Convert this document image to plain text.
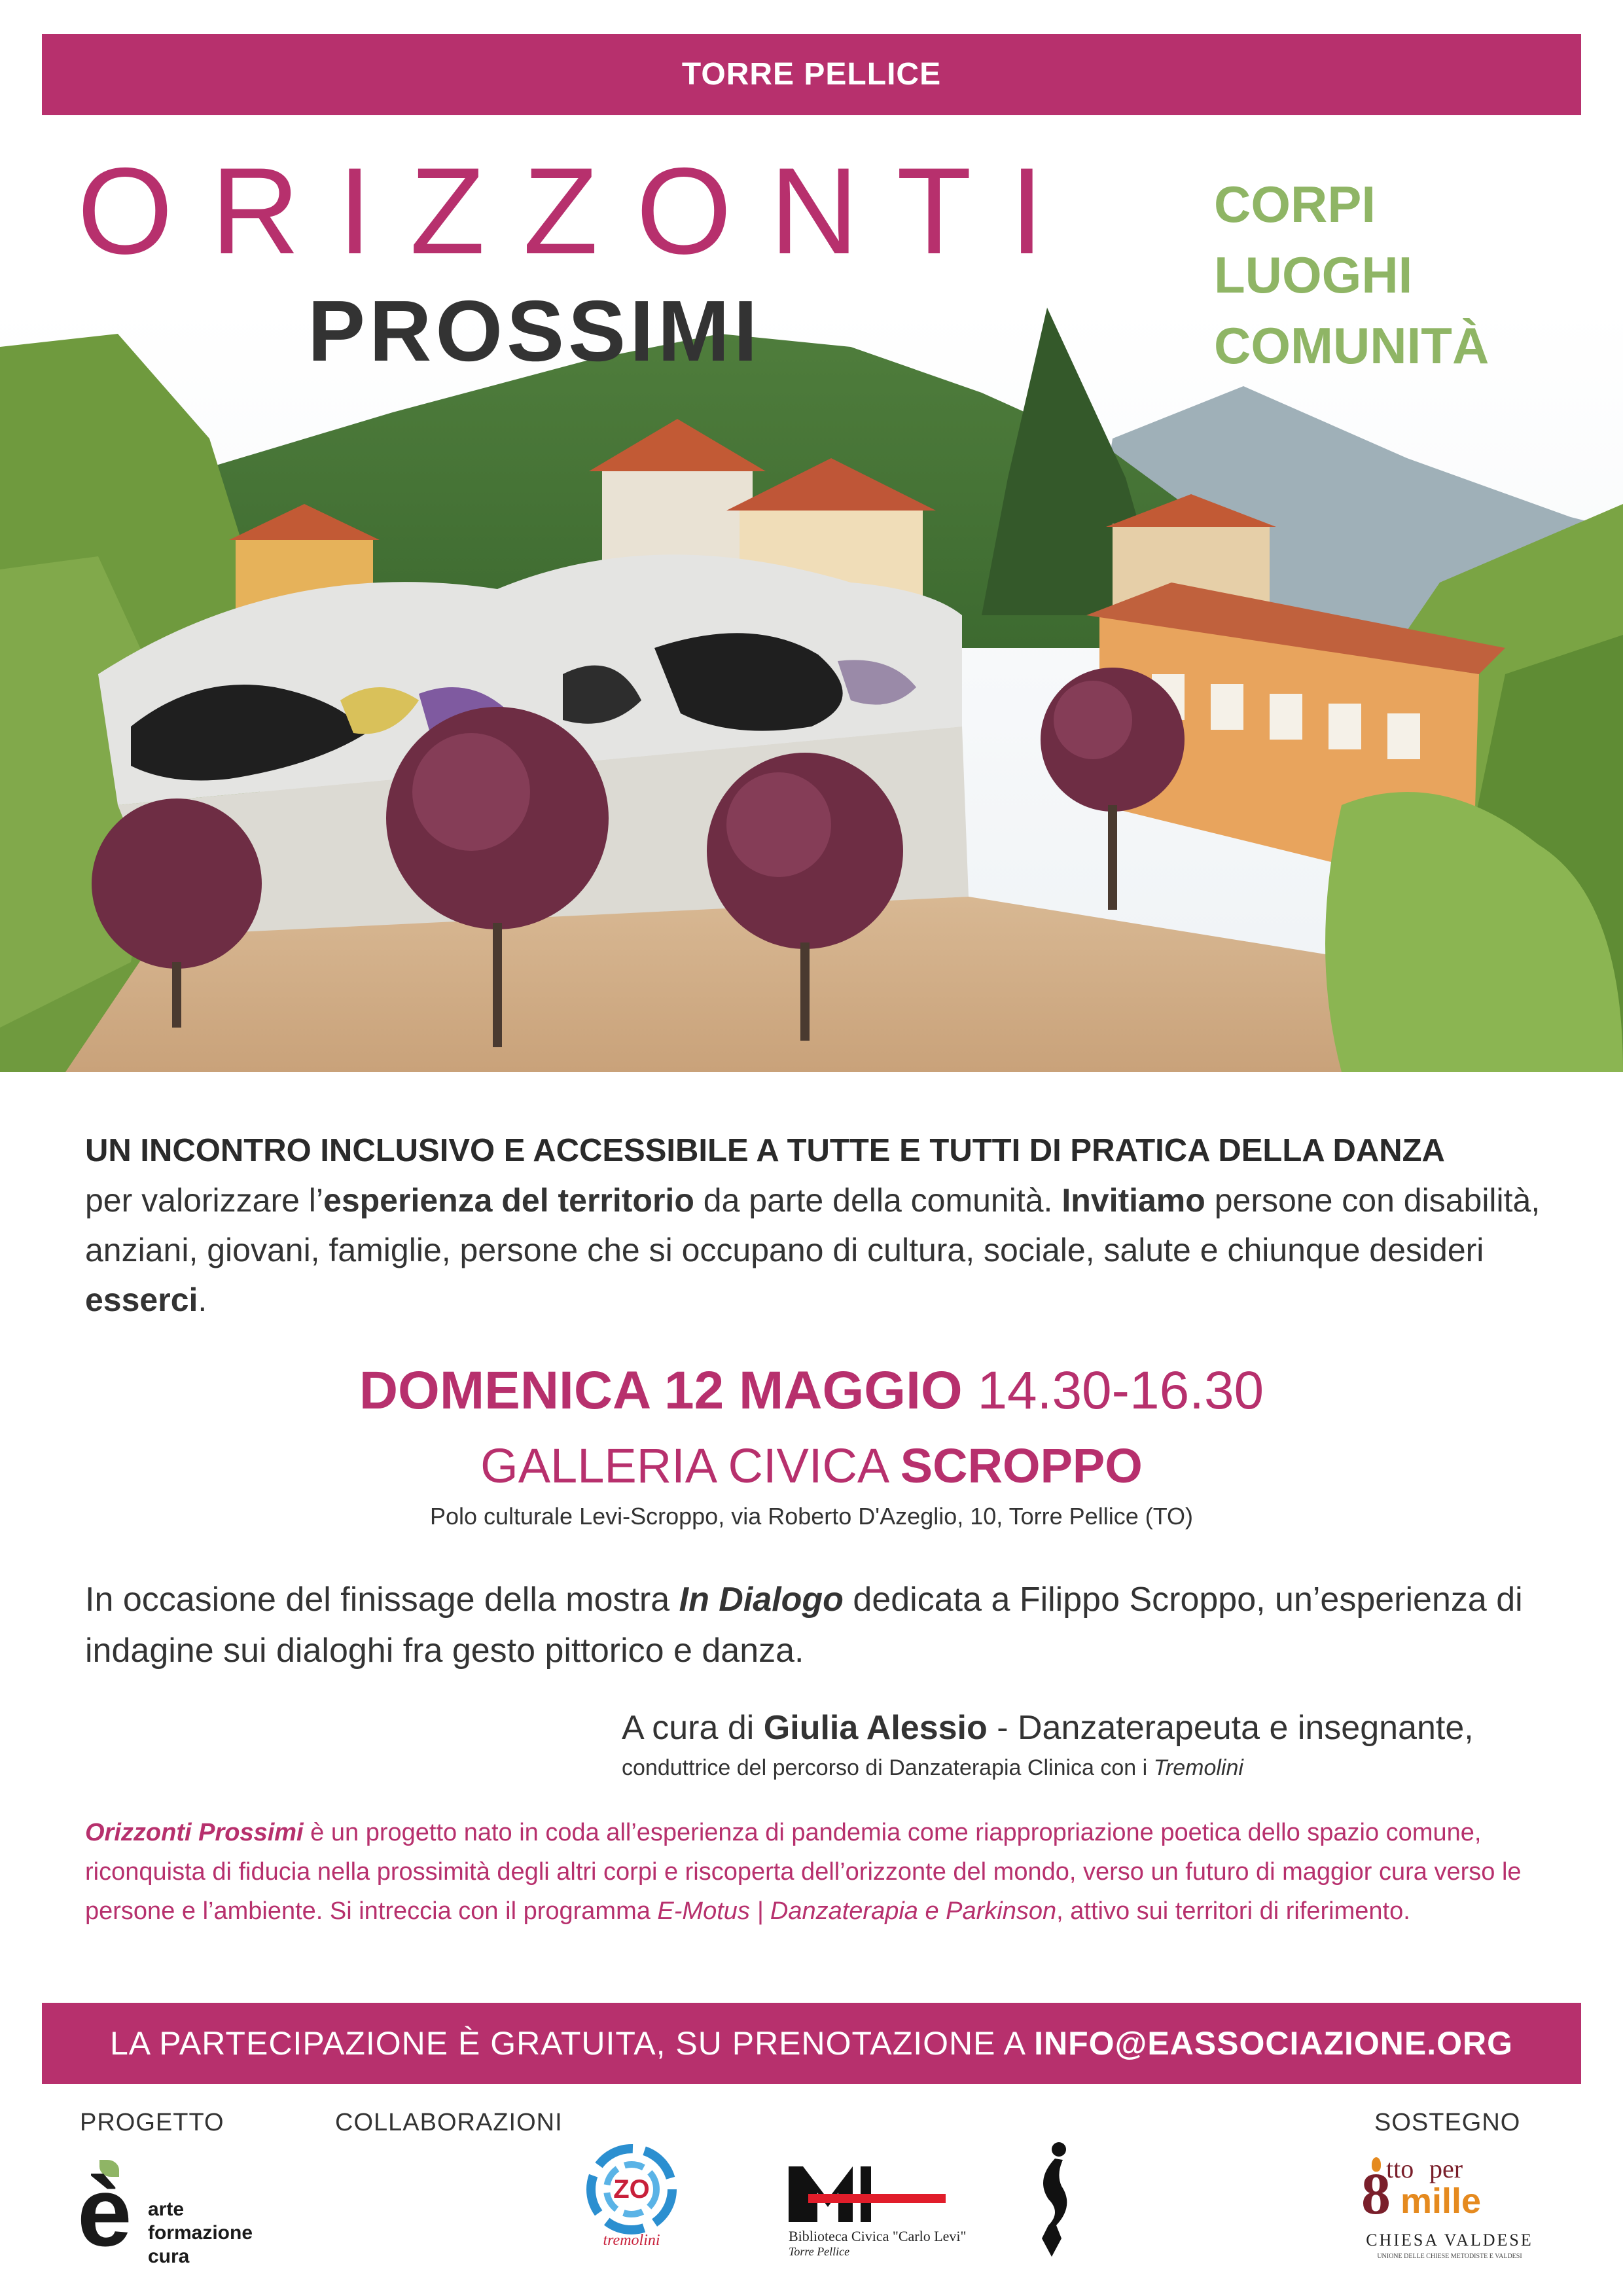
TORRE PELLICE
ORIZZONTI
PROSSIMI
CORPI
LUOGHI
COMUNITÀ
UN INCONTRO INCLUSIVO E ACCESSIBILE A TUTTE E TUTTI DI PRATICA DELLA DANZA
per valorizzare l’esperienza del territorio da parte della comunità. Invitiamo persone con disabilità, anziani, giovani, famiglie, persone che si occupano di cultura, sociale, salute e chiunque desideri esserci.
DOMENICA 12 MAGGIO 14.30-16.30
GALLERIA CIVICA SCROPPO
Polo culturale Levi-Scroppo, via Roberto D'Azeglio, 10, Torre Pellice (TO)
In occasione del finissage della mostra In Dialogo dedicata a Filippo Scroppo, un’esperienza di indagine sui dialoghi fra gesto pittorico e danza.
A cura di Giulia Alessio - Danzaterapeuta e insegnante,
conduttrice del percorso di Danzaterapia Clinica con i Tremolini
Orizzonti Prossimi è un progetto nato in coda all’esperienza di pandemia come riappropriazione poetica dello spazio comune, riconquista di fiducia nella prossimità degli altri corpi e riscoperta dell’orizzonte del mondo, verso un futuro di maggior cura verso le persone e l’ambiente. Si intreccia con il programma E-Motus | Danzaterapia e Parkinson, attivo sui territori di riferimento.
LA PARTECIPAZIONE È GRATUITA, SU PRENOTAZIONE A INFO@EASSOCIAZIONE.ORG
PROGETTO	COLLABORAZIONI	SOSTEGNO
è arte
formazione
cura
ZO
tremolini	Biblioteca Civica "Carlo Levi"
Torre Pellice
tto per
8 mille
CHIESA VALDESE
UNIONE DELLE CHIESE METODISTE E VALDESI
